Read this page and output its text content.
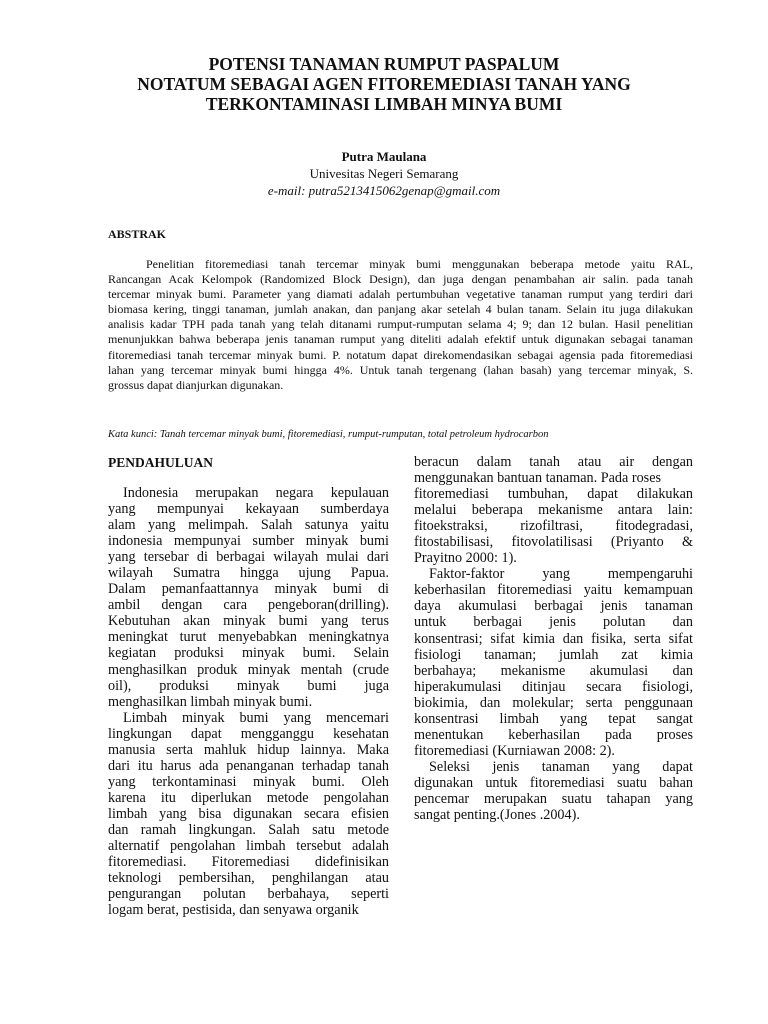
POTENSI TANAMAN RUMPUT PASPALUM
NOTATUM SEBAGAI AGEN FITOREMEDIASI TANAH YANG
TERKONTAMINASI LIMBAH MINYA BUMI
Putra Maulana
Univesitas Negeri Semarang
e-mail: putra5213415062genap@gmail.com
ABSTRAK
Penelitian fitoremediasi tanah tercemar minyak bumi menggunakan beberapa metode yaitu RAL,
Rancangan Acak Kelompok (Randomized Block Design), dan juga dengan penambahan air salin. pada tanah
tercemar minyak bumi. Parameter yang diamati adalah pertumbuhan vegetative tanaman rumput yang terdiri dari
biomasa kering, tinggi tanaman, jumlah anakan, dan panjang akar setelah 4 bulan tanam. Selain itu juga dilakukan
analisis kadar TPH pada tanah yang telah ditanami rumput-rumputan selama 4; 9; dan 12 bulan. Hasil penelitian
menunjukkan bahwa beberapa jenis tanaman rumput yang diteliti adalah efektif untuk digunakan sebagai tanaman
fitoremediasi tanah tercemar minyak bumi. P. notatum dapat direkomendasikan sebagai agensia pada fitoremediasi
lahan yang tercemar minyak bumi hingga 4%. Untuk tanah tergenang (lahan basah) yang tercemar minyak, S.
grossus dapat dianjurkan digunakan.

Kata kunci: Tanah tercemar minyak bumi, fitoremediasi, rumput-rumputan, total petroleum hydrocarbon

PENDAHULUAN
Indonesia merupakan negara kepulauan
yang mempunyai kekayaan sumberdaya
alam yang melimpah. Salah satunya yaitu
indonesia mempunyai sumber minyak bumi
yang tersebar di berbagai wilayah mulai dari
wilayah Sumatra hingga ujung Papua.
Dalam pemanfaattannya minyak bumi di
ambil dengan cara pengeboran(drilling).
Kebutuhan akan minyak bumi yang terus
meningkat turut menyebabkan meningkatnya
kegiatan produksi minyak bumi. Selain
menghasilkan produk minyak mentah (crude
oil), produksi minyak bumi juga
menghasilkan limbah minyak bumi.
Limbah minyak bumi yang mencemari
lingkungan dapat mengganggu kesehatan
manusia serta mahluk hidup lainnya. Maka
dari itu harus ada penanganan terhadap tanah
yang terkontaminasi minyak bumi. Oleh
karena itu diperlukan metode pengolahan
limbah yang bisa digunakan secara efisien
dan ramah lingkungan. Salah satu metode
alternatif pengolahan limbah tersebut adalah
fitoremediasi. Fitoremediasi didefinisikan
teknologi pembersihan, penghilangan atau
pengurangan polutan berbahaya, seperti
logam berat, pestisida, dan senyawa organik
beracun dalam tanah atau air dengan
menggunakan bantuan tanaman. Pada roses
fitoremediasi tumbuhan, dapat dilakukan
melalui beberapa mekanisme antara lain:
fitoekstraksi, rizofiltrasi, fitodegradasi,
fitostabilisasi, fitovolatilisasi (Priyanto &
Prayitno 2000: 1).
Faktor-faktor yang mempengaruhi
keberhasilan fitoremediasi yaitu kemampuan
daya akumulasi berbagai jenis tanaman
untuk berbagai jenis polutan dan
konsentrasi; sifat kimia dan fisika, serta sifat
fisiologi tanaman; jumlah zat kimia
berbahaya; mekanisme akumulasi dan
hiperakumulasi ditinjau secara fisiologi,
biokimia, dan molekular; serta penggunaan
konsentrasi limbah yang tepat sangat
menentukan keberhasilan pada proses
fitoremediasi (Kurniawan 2008: 2).
Seleksi jenis tanaman yang dapat
digunakan untuk fitoremediasi suatu bahan
pencemar merupakan suatu tahapan yang
sangat penting.(Jones .2004).
